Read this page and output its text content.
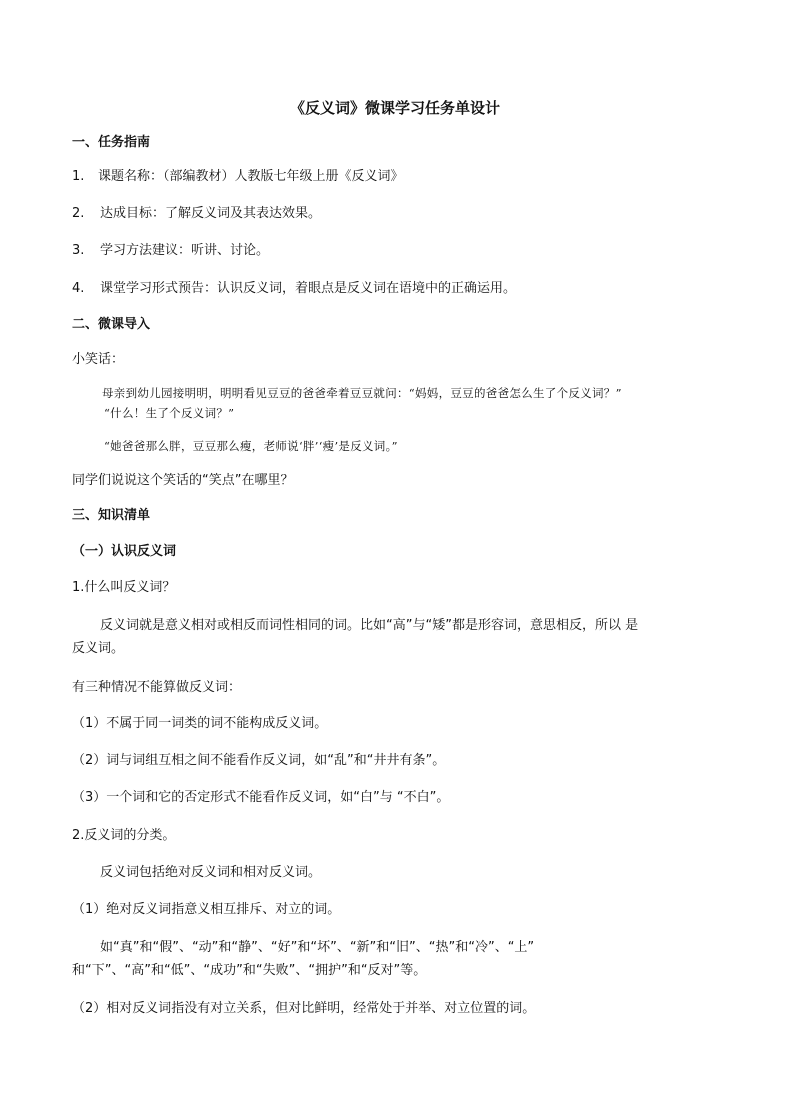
《反义词》微课学习任务单设计
一、任务指南
1. 课题名称：（部编教材）人教版七年级上册《反义词》
2. 达成目标：了解反义词及其表达效果。
3. 学习方法建议：听讲、讨论。
4. 课堂学习形式预告：认识反义词，着眼点是反义词在语境中的正确运用。
二、微课导入
小笑话：
母亲到幼儿园接明明，明明看见豆豆的爸爸牵着豆豆就问：“妈妈，豆豆的爸爸怎么生了个反义词？”
“什么！生了个反义词？”
“她爸爸那么胖，豆豆那么瘦，老师说‘胖’‘瘦’是反义词。”
同学们说说这个笑话的“笑点”在哪里？
三、知识清单
（一）认识反义词
1.什么叫反义词？
反义词就是意义相对或相反而词性相同的词。比如“高”与“矮”都是形容词，意思相反，所以 是
反义词。
有三种情况不能算做反义词：
（1）不属于同一词类的词不能构成反义词。
（2）词与词组互相之间不能看作反义词，如“乱”和“井井有条”。
（3）一个词和它的否定形式不能看作反义词，如“白”与 “不白”。
2.反义词的分类。
反义词包括绝对反义词和相对反义词。
（1）绝对反义词指意义相互排斥、对立的词。
如“真”和“假”、“动”和“静”、“好”和“坏”、“新”和“旧”、“热”和“冷”、“上”
和“下”、“高”和“低”、“成功”和“失败”、“拥护”和“反对”等。
（2）相对反义词指没有对立关系，但对比鲜明，经常处于并举、对立位置的词。
